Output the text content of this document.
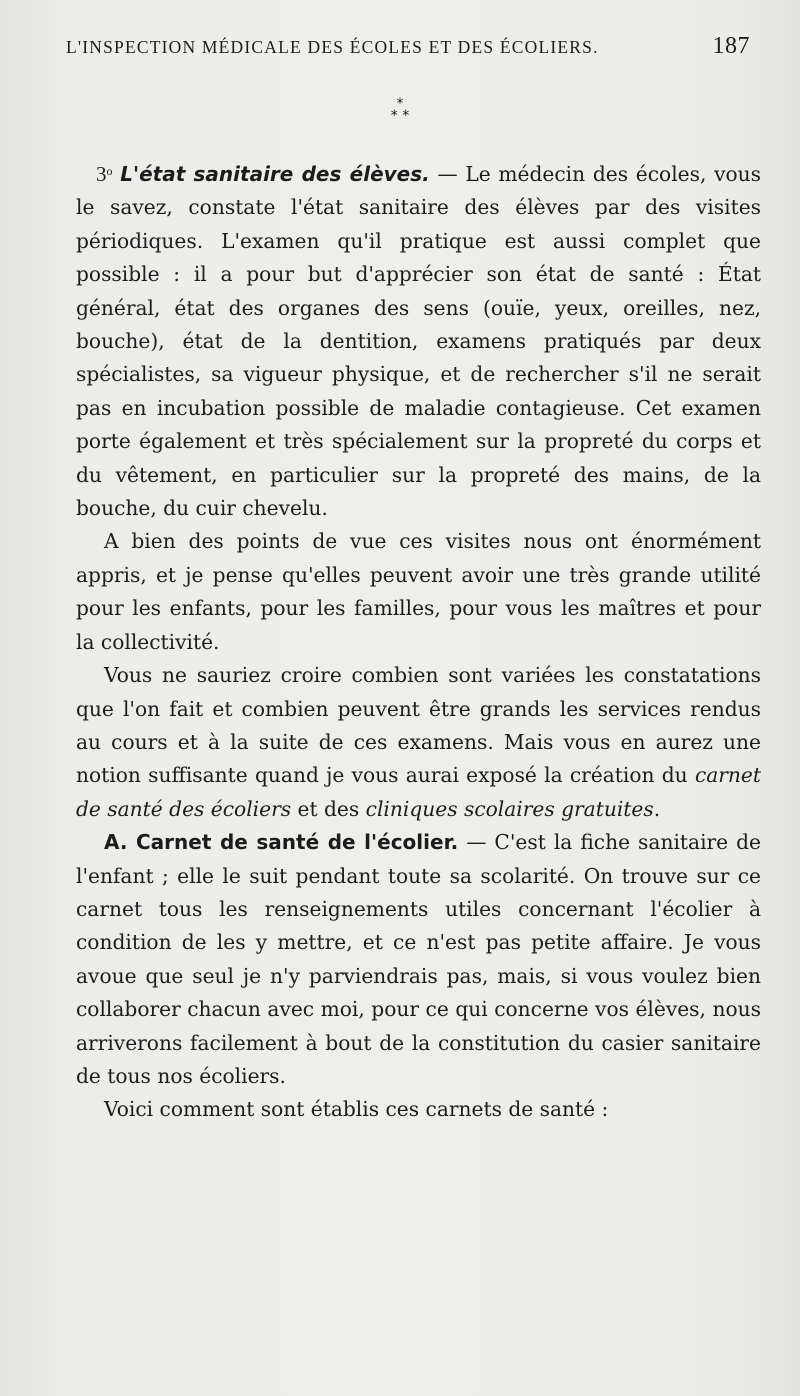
L'INSPECTION MÉDICALE DES ÉCOLES ET DES ÉCOLIERS.	187
*
* *

3$^o$ L'état sanitaire des élèves. — Le médecin des écoles, vous le savez, constate l'état sanitaire des élèves par des visites périodiques. L'examen qu'il pratique est aussi complet que possible : il a pour but d'apprécier son état de santé : État général, état des organes des sens (ouïe, yeux, oreilles, nez, bouche), état de la dentition, examens pratiqués par deux spécialistes, sa vigueur physique, et de rechercher s'il ne serait pas en incubation possible de maladie contagieuse. Cet examen porte également et très spécialement sur la propreté du corps et du vêtement, en particulier sur la propreté des mains, de la bouche, du cuir chevelu.

A bien des points de vue ces visites nous ont énormément appris, et je pense qu'elles peuvent avoir une très grande utilité pour les enfants, pour les familles, pour vous les maîtres et pour la collectivité.

Vous ne sauriez croire combien sont variées les constatations que l'on fait et combien peuvent être grands les services rendus au cours et à la suite de ces examens. Mais vous en aurez une notion suffisante quand je vous aurai exposé la création du carnet de santé des écoliers et des cliniques scolaires gratuites.

A. Carnet de santé de l'écolier. — C'est la fiche sanitaire de l'enfant ; elle le suit pendant toute sa scolarité. On trouve sur ce carnet tous les renseignements utiles concernant l'écolier à condition de les y mettre, et ce n'est pas petite affaire. Je vous avoue que seul je n'y parviendrais pas, mais, si vous voulez bien collaborer chacun avec moi, pour ce qui concerne vos élèves, nous arriverons facilement à bout de la constitution du casier sanitaire de tous nos écoliers.

Voici comment sont établis ces carnets de santé :
